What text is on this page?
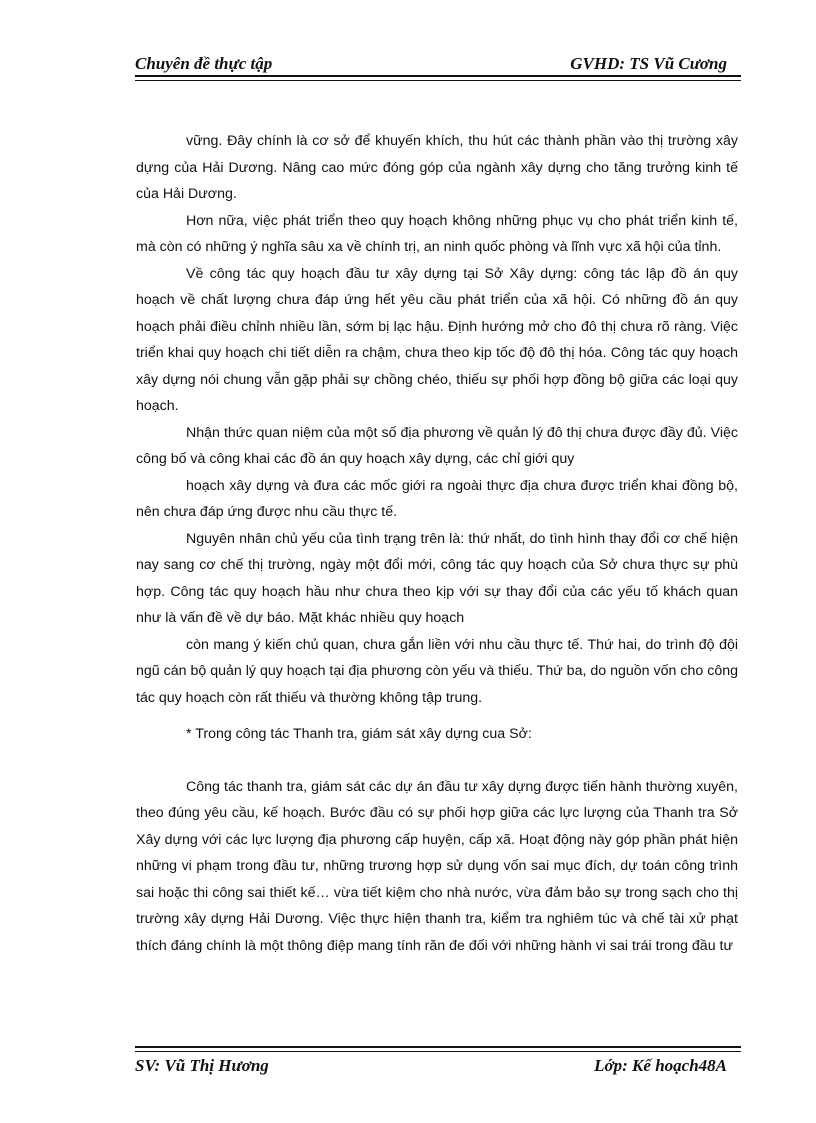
Chuyên đề thực tập	GVHD: TS Vũ Cương

vững. Đây chính là cơ sở để khuyến khích, thu hút các thành phần vào thị trường xây dựng của Hải Dương. Nâng cao mức đóng góp của ngành xây dựng cho tăng trưởng kinh tế của Hải Dương.

Hơn nữa, việc phát triển theo quy hoạch không những phục vụ cho phát triển kinh tế, mà còn có những ý nghĩa sâu xa về chính trị, an ninh quốc phòng và lĩnh vực xã hội của tỉnh.

Về công tác quy hoạch đầu tư xây dựng tại Sở Xây dựng: công tác lập đồ án quy hoạch về chất lượng chưa đáp ứng hết yêu cầu phát triển của xã hội. Có những đồ án quy hoạch phải điều chỉnh nhiều lần, sớm bị lạc hậu. Định hướng mở cho đô thị chưa rõ ràng. Việc triển khai quy hoạch chi tiết diễn ra chậm, chưa theo kịp tốc độ đô thị hóa. Công tác quy hoạch xây dựng nói chung vẫn gặp phải sự chồng chéo, thiếu sự phối hợp đồng bộ giữa các loại quy hoạch.

Nhận thức quan niệm của một số địa phương về quản lý đô thị chưa được đầy đủ. Việc công bố và công khai các đồ án quy hoạch xây dựng, các chỉ giới quy

hoạch xây dựng và đưa các mốc giới ra ngoài thực địa chưa được triển khai đồng bộ, nên chưa đáp ứng được nhu cầu thực tế.

Nguyên nhân chủ yếu của tình trạng trên là: thứ nhất, do tình hình thay đổi cơ chế hiện nay sang cơ chế thị trường, ngày một đổi mới, công tác quy hoạch của Sở chưa thực sự phù hợp. Công tác quy hoạch hầu như chưa theo kịp với sự thay đổi của các yếu tố khách quan như là vấn đề về dự báo. Mặt khác nhiều quy hoạch

còn mang ý kiến chủ quan, chưa gắn liền với nhu cầu thực tế. Thứ hai, do trình độ đội ngũ cán bộ quản lý quy hoạch tại địa phương còn yếu và thiếu. Thứ ba, do nguồn vốn cho công tác quy hoạch còn rất thiếu và thường không tập trung.

* Trong công tác Thanh tra, giám sát xây dựng cua Sở:

Công tác thanh tra, giám sát các dự án đầu tư xây dựng được tiến hành thường xuyên, theo đúng yêu cầu, kế hoạch. Bước đầu có sự phối hợp giữa các lực lượng của Thanh tra Sở Xây dựng với các lực lượng địa phương cấp huyện, cấp xã. Hoạt động này góp phần phát hiện những vi phạm trong đầu tư, những trương hợp sử dụng vốn sai mục đích, dự toán công trình sai hoặc thi công sai thiết kế… vừa tiết kiệm cho nhà nước, vừa đảm bảo sự trong sạch cho thị trường xây dựng Hải Dương. Việc thực hiện thanh tra, kiểm tra nghiêm túc và chế tài xử phạt thích đáng chính là một thông điệp mang tính răn đe đối với những hành vi sai trái trong đầu tư

SV: Vũ Thị Hương	Lớp: Kế hoạch48A
